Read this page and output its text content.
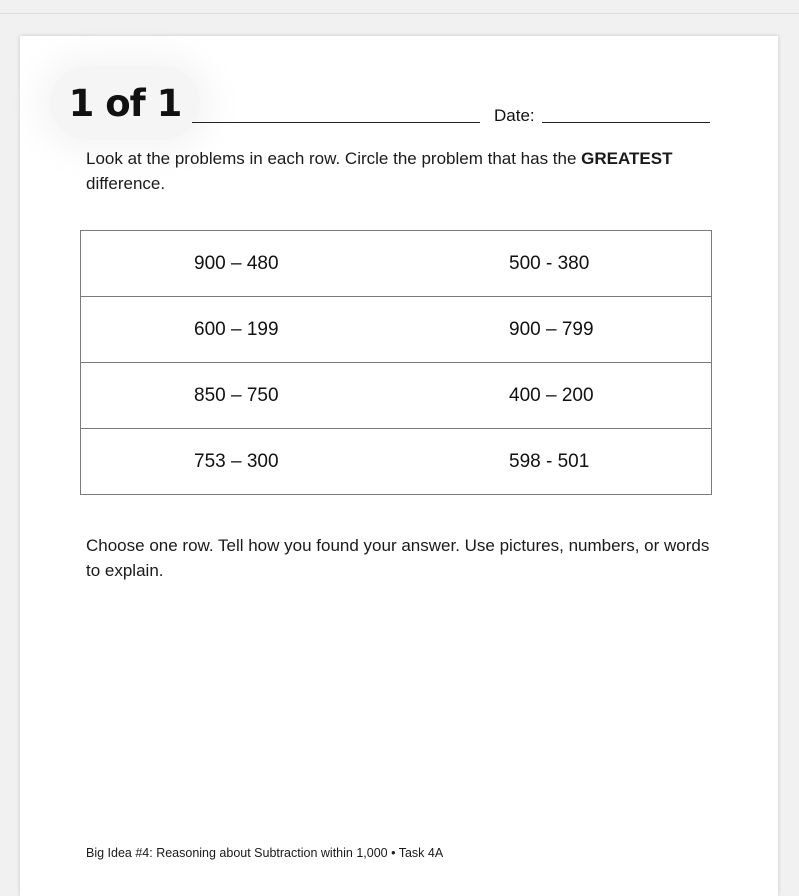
1 of 1	Date:
Look at the problems in each row. Circle the problem that has the GREATEST difference.
900 – 480	500 - 380

600 – 199	900 – 799

850 – 750	400 – 200

753 – 300	598 - 501
Choose one row. Tell how you found your answer. Use pictures, numbers, or words to explain.
Big Idea #4: Reasoning about Subtraction within 1,000 • Task 4A
